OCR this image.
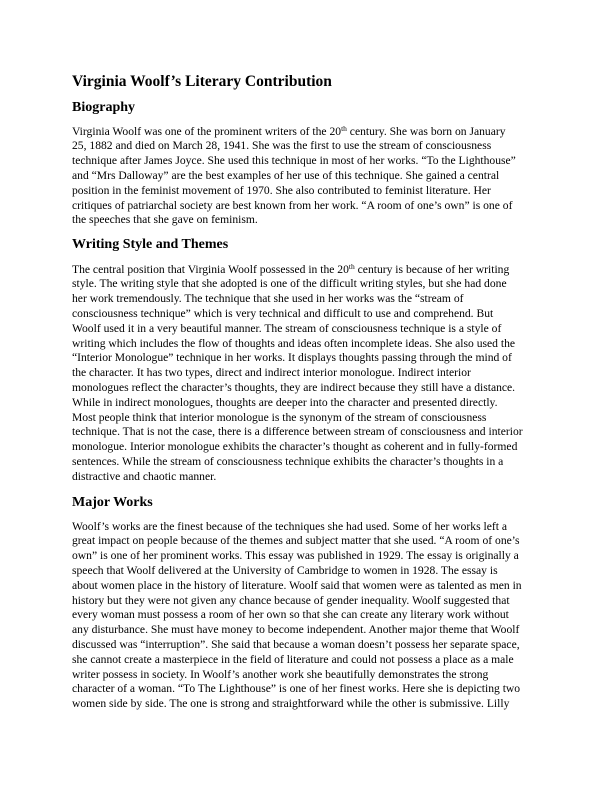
Virginia Woolf’s Literary Contribution
Biography
Virginia Woolf was one of the prominent writers of the 20th century. She was born on January
25, 1882 and died on March 28, 1941. She was the first to use the stream of consciousness
technique after James Joyce. She used this technique in most of her works. “To the Lighthouse”
and “Mrs Dalloway” are the best examples of her use of this technique. She gained a central
position in the feminist movement of 1970. She also contributed to feminist literature. Her
critiques of patriarchal society are best known from her work. “A room of one’s own” is one of
the speeches that she gave on feminism.
Writing Style and Themes
The central position that Virginia Woolf possessed in the 20th century is because of her writing
style. The writing style that she adopted is one of the difficult writing styles, but she had done
her work tremendously. The technique that she used in her works was the “stream of
consciousness technique” which is very technical and difficult to use and comprehend. But
Woolf used it in a very beautiful manner. The stream of consciousness technique is a style of
writing which includes the flow of thoughts and ideas often incomplete ideas. She also used the
“Interior Monologue” technique in her works. It displays thoughts passing through the mind of
the character. It has two types, direct and indirect interior monologue. Indirect interior
monologues reflect the character’s thoughts, they are indirect because they still have a distance.
While in indirect monologues, thoughts are deeper into the character and presented directly.
Most people think that interior monologue is the synonym of the stream of consciousness
technique. That is not the case, there is a difference between stream of consciousness and interior
monologue. Interior monologue exhibits the character’s thought as coherent and in fully-formed
sentences. While the stream of consciousness technique exhibits the character’s thoughts in a
distractive and chaotic manner.
Major Works
Woolf’s works are the finest because of the techniques she had used. Some of her works left a
great impact on people because of the themes and subject matter that she used. “A room of one’s
own” is one of her prominent works. This essay was published in 1929. The essay is originally a
speech that Woolf delivered at the University of Cambridge to women in 1928. The essay is
about women place in the history of literature. Woolf said that women were as talented as men in
history but they were not given any chance because of gender inequality. Woolf suggested that
every woman must possess a room of her own so that she can create any literary work without
any disturbance. She must have money to become independent. Another major theme that Woolf
discussed was “interruption”. She said that because a woman doesn’t possess her separate space,
she cannot create a masterpiece in the field of literature and could not possess a place as a male
writer possess in society. In Woolf’s another work she beautifully demonstrates the strong
character of a woman. “To The Lighthouse” is one of her finest works. Here she is depicting two
women side by side. The one is strong and straightforward while the other is submissive. Lilly
